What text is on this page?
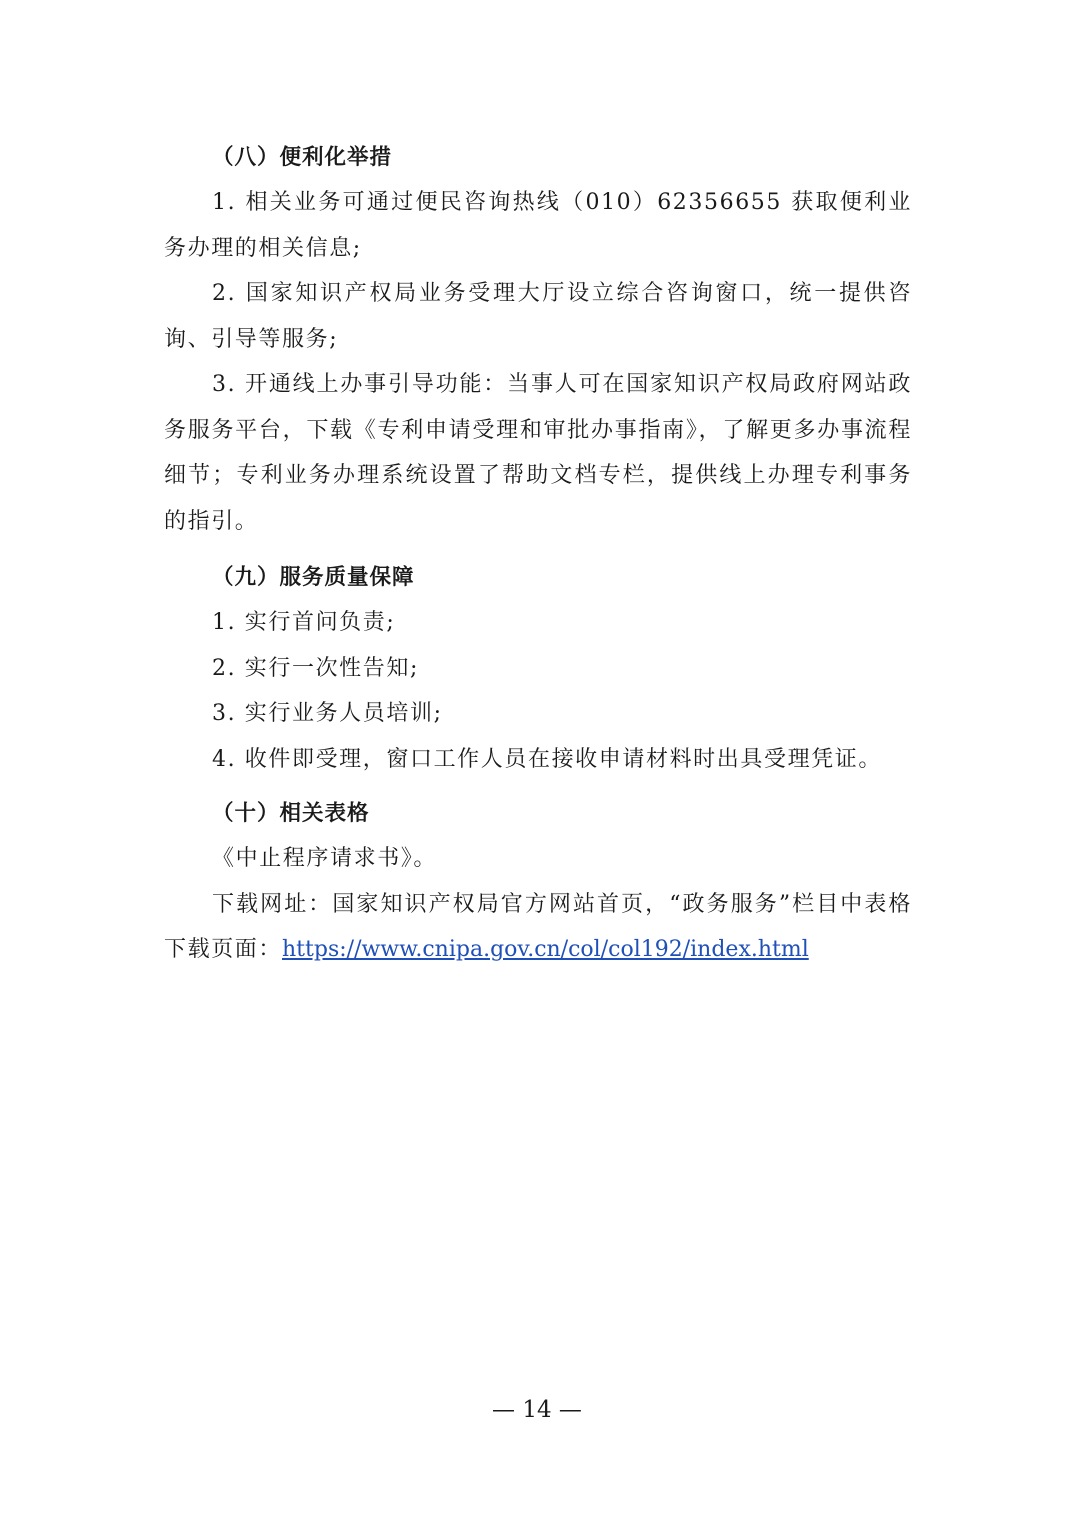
（八）便利化举措

1. 相关业务可通过便民咨询热线（010）62356655 获取便利业务办理的相关信息;

2. 国家知识产权局业务受理大厅设立综合咨询窗口，统一提供咨询、引导等服务;

3. 开通线上办事引导功能：当事人可在国家知识产权局政府网站政务服务平台，下载《专利申请受理和审批办事指南》，了解更多办事流程细节；专利业务办理系统设置了帮助文档专栏，提供线上办理专利事务的指引。

（九）服务质量保障

1. 实行首问负责;

2. 实行一次性告知;

3. 实行业务人员培训;

4. 收件即受理，窗口工作人员在接收申请材料时出具受理凭证。

（十）相关表格

《中止程序请求书》。

下载网址：国家知识产权局官方网站首页，“政务服务”栏目中表格下载页面：https://www.cnipa.gov.cn/col/col192/index.html

— 14 —
